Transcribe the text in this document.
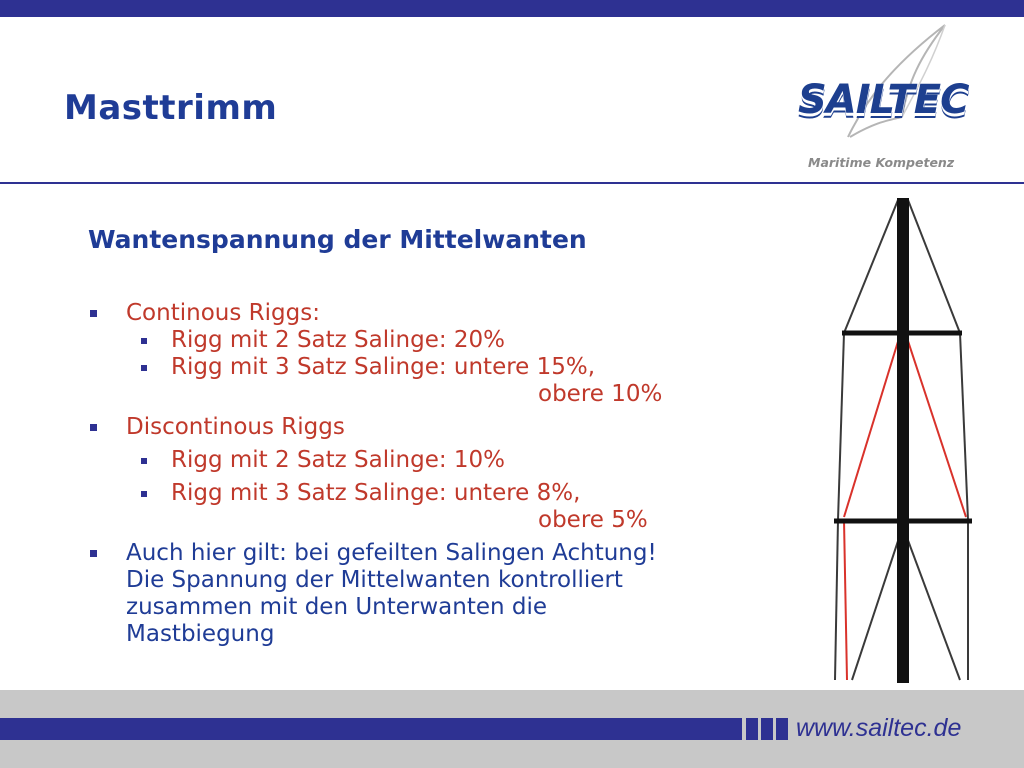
Masttrimm	SAILTEC
Maritime Kompetenz
Wantenspannung der Mittelwanten
Continous Riggs:
Rigg mit 2 Satz Salinge: 20%
Rigg mit 3 Satz Salinge: untere 15%,
obere 10%
Discontinous Riggs
Rigg mit 2 Satz Salinge: 10%
Rigg mit 3 Satz Salinge: untere 8%,
obere 5%
Auch hier gilt: bei gefeilten Salingen Achtung!
Die Spannung der Mittelwanten kontrolliert
zusammen mit den Unterwanten die
Mastbiegung
www.sailtec.de
